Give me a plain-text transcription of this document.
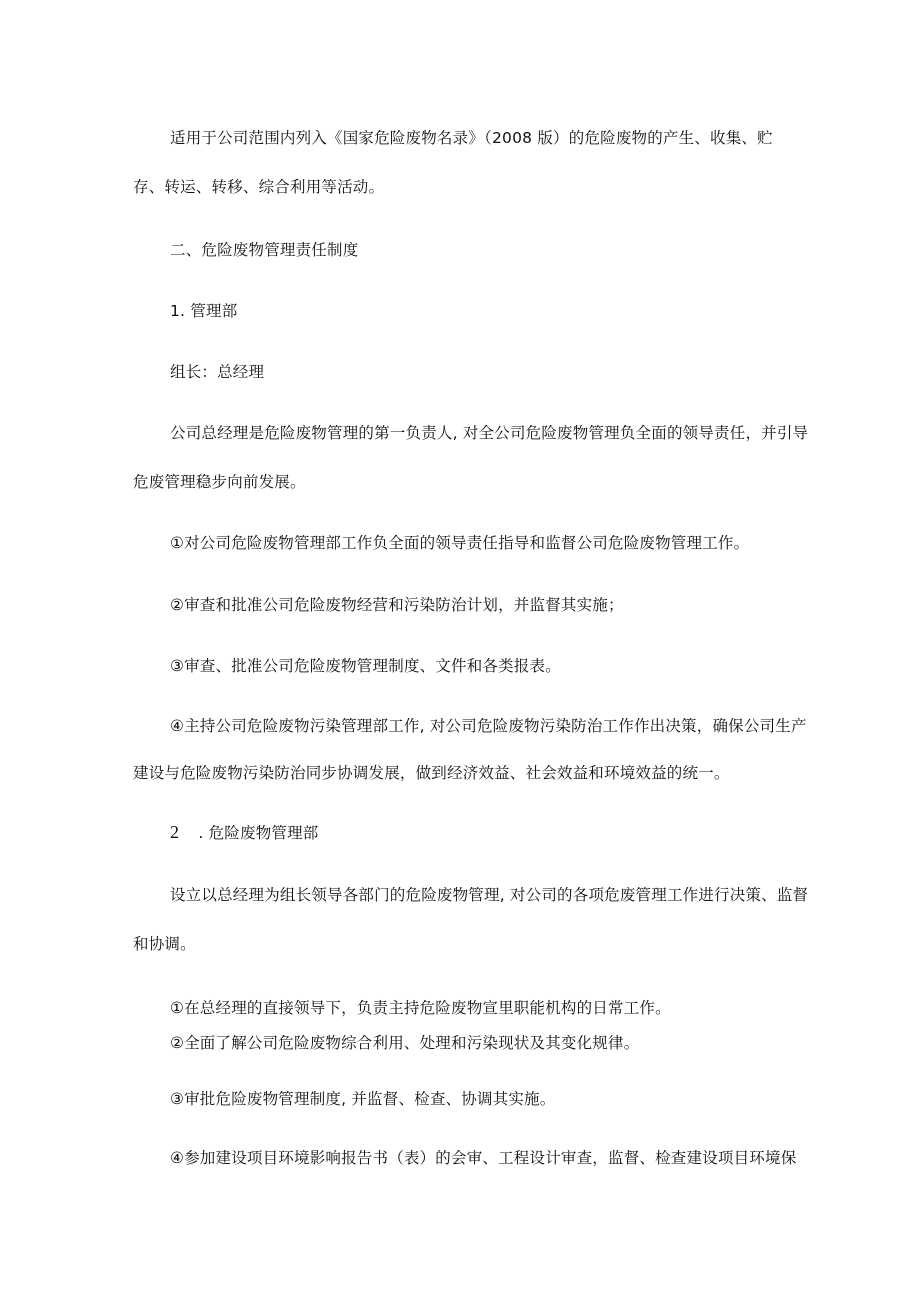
适用于公司范围内列入《国家危险废物名录》（2008 版）的危险废物的产生、收集、贮
存、转运、转移、综合利用等活动。
二、危险废物管理责任制度
1. 管理部
组长：总经理
公司总经理是危险废物管理的第一负责人, 对全公司危险废物管理负全面的领导责任，并引导
危废管理稳步向前发展。
①对公司危险废物管理部工作负全面的领导责任指导和监督公司危险废物管理工作。
②审查和批准公司危险废物经营和污染防治计划，并监督其实施；
③审查、批准公司危险废物管理制度、文件和各类报表。
④主持公司危险废物污染管理部工作, 对公司危险废物污染防治工作作出决策，确保公司生产
建设与危险废物污染防治同步协调发展，做到经济效益、社会效益和环境效益的统一。
2 . 危险废物管理部
设立以总经理为组长领导各部门的危险废物管理, 对公司的各项危废管理工作进行决策、监督
和协调。
①在总经理的直接领导下，负责主持危险废物宣里职能机构的日常工作。
②全面了解公司危险废物综合利用、处理和污染现状及其变化规律。
③审批危险废物管理制度, 并监督、检查、协调其实施。
④参加建设项目环境影响报告书（表）的会审、工程设计审查，监督、检查建设项目环境保
